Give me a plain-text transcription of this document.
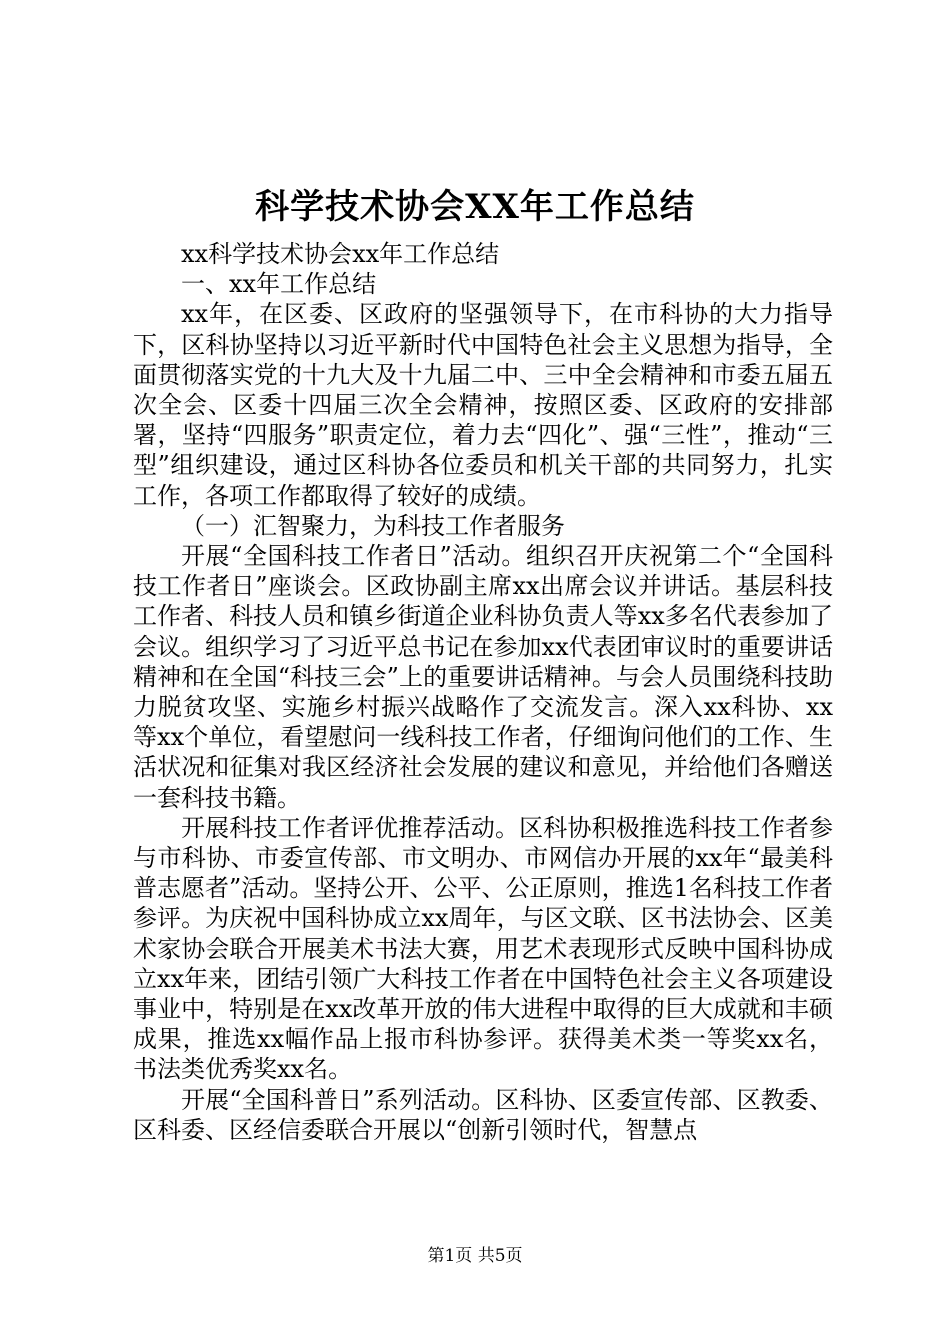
科学技术协会XX年工作总结

xx科学技术协会xx年工作总结

一、xx年工作总结

xx年，在区委、区政府的坚强领导下，在市科协的大力指导下，区科协坚持以习近平新时代中国特色社会主义思想为指导，全面贯彻落实党的十九大及十九届二中、三中全会精神和市委五届五次全会、区委十四届三次全会精神，按照区委、区政府的安排部署，坚持“四服务”职责定位，着力去“四化”、强“三性”，推动“三型”组织建设，通过区科协各位委员和机关干部的共同努力，扎实工作，各项工作都取得了较好的成绩。

（一）汇智聚力，为科技工作者服务

开展“全国科技工作者日”活动。组织召开庆祝第二个“全国科技工作者日”座谈会。区政协副主席xx出席会议并讲话。基层科技工作者、科技人员和镇乡街道企业科协负责人等xx多名代表参加了会议。组织学习了习近平总书记在参加xx代表团审议时的重要讲话精神和在全国“科技三会”上的重要讲话精神。与会人员围绕科技助力脱贫攻坚、实施乡村振兴战略作了交流发言。深入xx科协、xx等xx个单位，看望慰问一线科技工作者，仔细询问他们的工作、生活状况和征集对我区经济社会发展的建议和意见，并给他们各赠送一套科技书籍。

开展科技工作者评优推荐活动。区科协积极推选科技工作者参与市科协、市委宣传部、市文明办、市网信办开展的xx年“最美科普志愿者”活动。坚持公开、公平、公正原则，推选1名科技工作者参评。为庆祝中国科协成立xx周年，与区文联、区书法协会、区美术家协会联合开展美术书法大赛，用艺术表现形式反映中国科协成立xx年来，团结引领广大科技工作者在中国特色社会主义各项建设事业中，特别是在xx改革开放的伟大进程中取得的巨大成就和丰硕成果，推选xx幅作品上报市科协参评。获得美术类一等奖xx名，书法类优秀奖xx名。

开展“全国科普日”系列活动。区科协、区委宣传部、区教委、区科委、区经信委联合开展以“创新引领时代，智慧点

第1页 共5页
